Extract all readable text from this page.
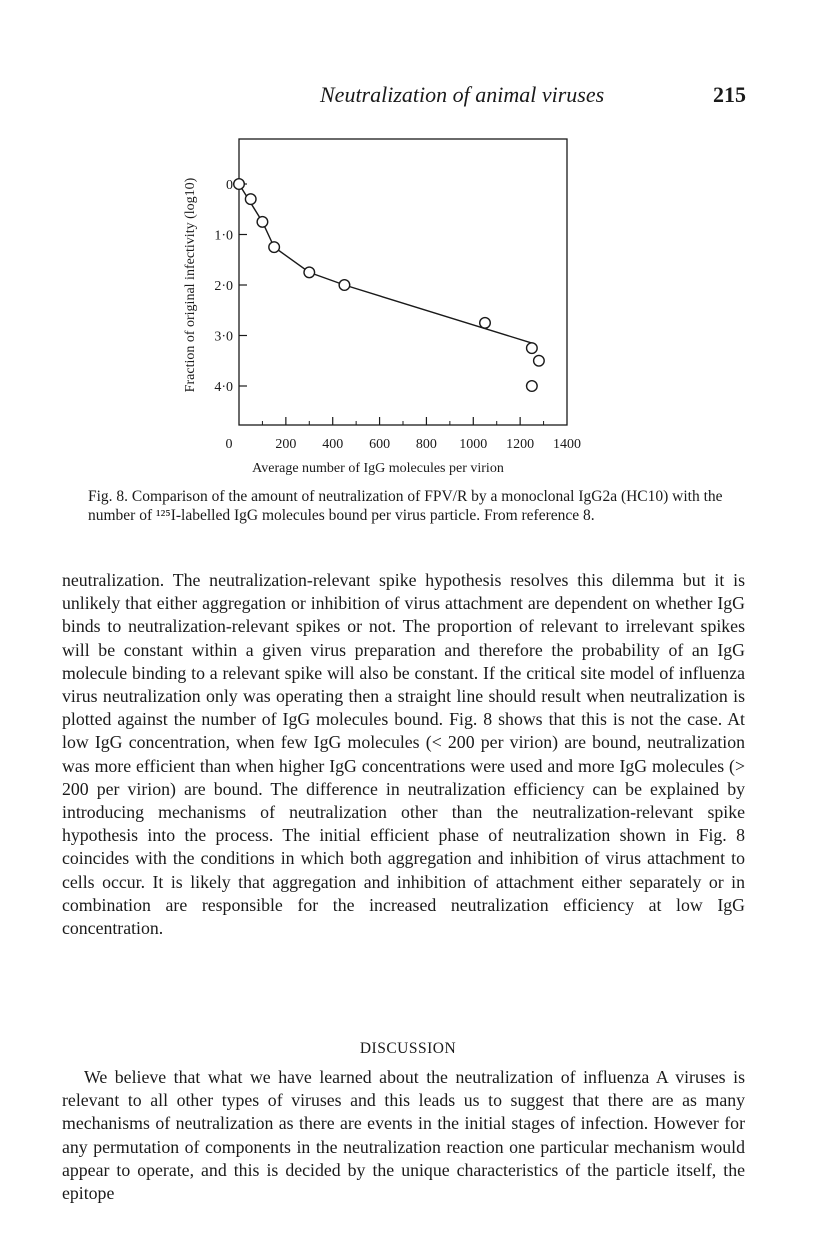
Neutralization of animal viruses	215
Fraction of original infectivity (log10)
Average number of IgG molecules per virion
0	200 400 600 800 1000 1200 1400
0
1·0
2·0
3·0
4·0
Fig. 8. Comparison of the amount of neutralization of FPV/R by a monoclonal IgG2a (HC10) with the number of ¹²⁵I-labelled IgG molecules bound per virus particle. From reference 8.

neutralization. The neutralization-relevant spike hypothesis resolves this dilemma but it is unlikely that either aggregation or inhibition of virus attachment are dependent on whether IgG binds to neutralization-relevant spikes or not. The proportion of relevant to irrelevant spikes will be constant within a given virus preparation and therefore the probability of an IgG molecule binding to a relevant spike will also be constant. If the critical site model of influenza virus neutralization only was operating then a straight line should result when neutralization is plotted against the number of IgG molecules bound. Fig. 8 shows that this is not the case. At low IgG concentration, when few IgG molecules (< 200 per virion) are bound, neutralization was more efficient than when higher IgG concentrations were used and more IgG molecules (> 200 per virion) are bound. The difference in neutralization efficiency can be explained by introducing mechanisms of neutralization other than the neutralization-relevant spike hypothesis into the process. The initial efficient phase of neutralization shown in Fig. 8 coincides with the conditions in which both aggregation and inhibition of virus attachment to cells occur. It is likely that aggregation and inhibition of attachment either separately or in combination are responsible for the increased neutralization efficiency at low IgG concentration.

DISCUSSION

We believe that what we have learned about the neutralization of influenza A viruses is relevant to all other types of viruses and this leads us to suggest that there are as many mechanisms of neutralization as there are events in the initial stages of infection. However for any permutation of components in the neutralization reaction one particular mechanism would appear to operate, and this is decided by the unique characteristics of the particle itself, the epitope
